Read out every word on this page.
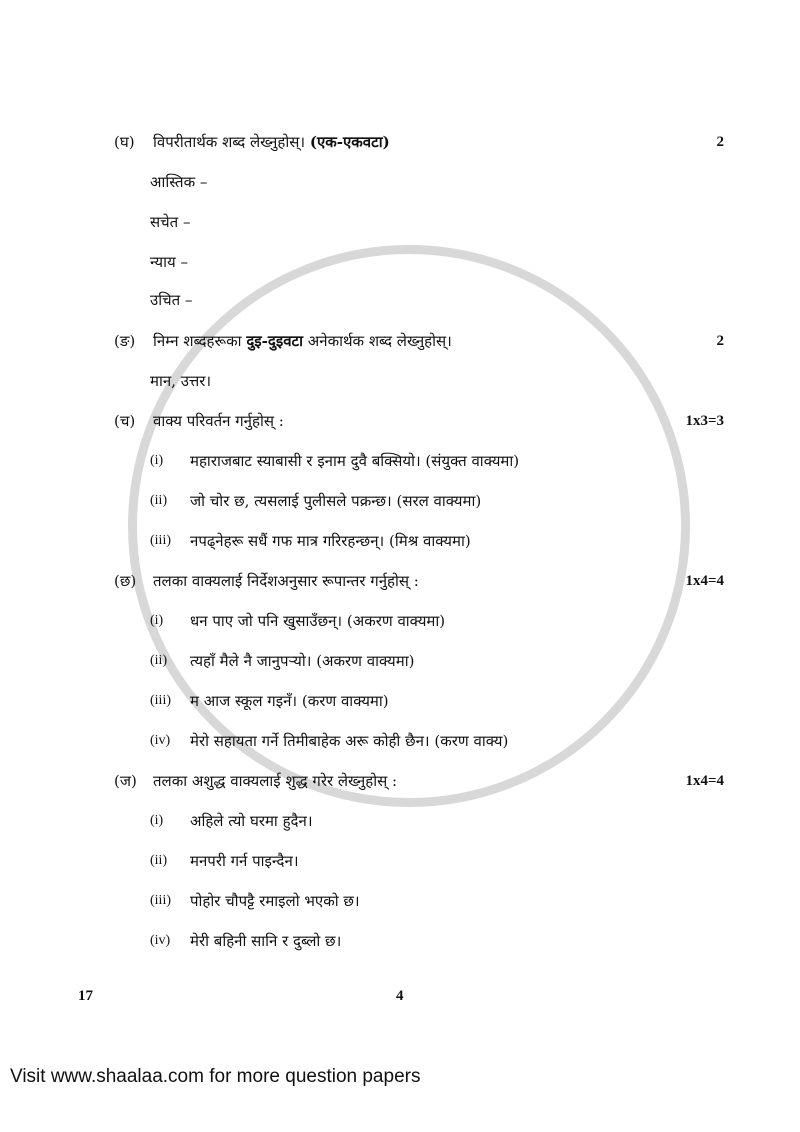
(घ) विपरीतार्थक शब्द लेख्नुहोस्। (एक-एकवटा)	2
आस्तिक –
सचेत –
न्याय –
उचित –
(ङ) निम्न शब्दहरूका दुइ-दुइवटा अनेकार्थक शब्द लेख्नुहोस्।	2
मान, उत्तर।
(च) वाक्य परिवर्तन गर्नुहोस् :	1x3=3
(i) महाराजबाट स्याबासी र इनाम दुवै बक्सियो। (संयुक्त वाक्यमा)
(ii) जो चोर छ, त्यसलाई पुलीसले पक्रन्छ। (सरल वाक्यमा)
(iii) नपढ्नेहरू सधैं गफ मात्र गरिरहन्छन्। (मिश्र वाक्यमा)
(छ) तलका वाक्यलाई निर्देशअनुसार रूपान्तर गर्नुहोस् :	1x4=4
(i) धन पाए जो पनि खुसाउँछन्। (अकरण वाक्यमा)
(ii) त्यहाँ मैले नै जानुपर्‍यो। (अकरण वाक्यमा)
(iii) म आज स्कूल गइनँ। (करण वाक्यमा)
(iv) मेरो सहायता गर्ने तिमीबाहेक अरू कोही छैन। (करण वाक्य)
(ज) तलका अशुद्ध वाक्यलाई शुद्ध गरेर लेख्नुहोस् :	1x4=4
(i) अहिले त्यो घरमा हुदैन।
(ii) मनपरी गर्न पाइन्दैन।
(iii) पोहोर चौपट्टै रमाइलो भएको छ।
(iv) मेरी बहिनी सानि र दुब्लो छ।
17	4
Visit www.shaalaa.com for more question papers
